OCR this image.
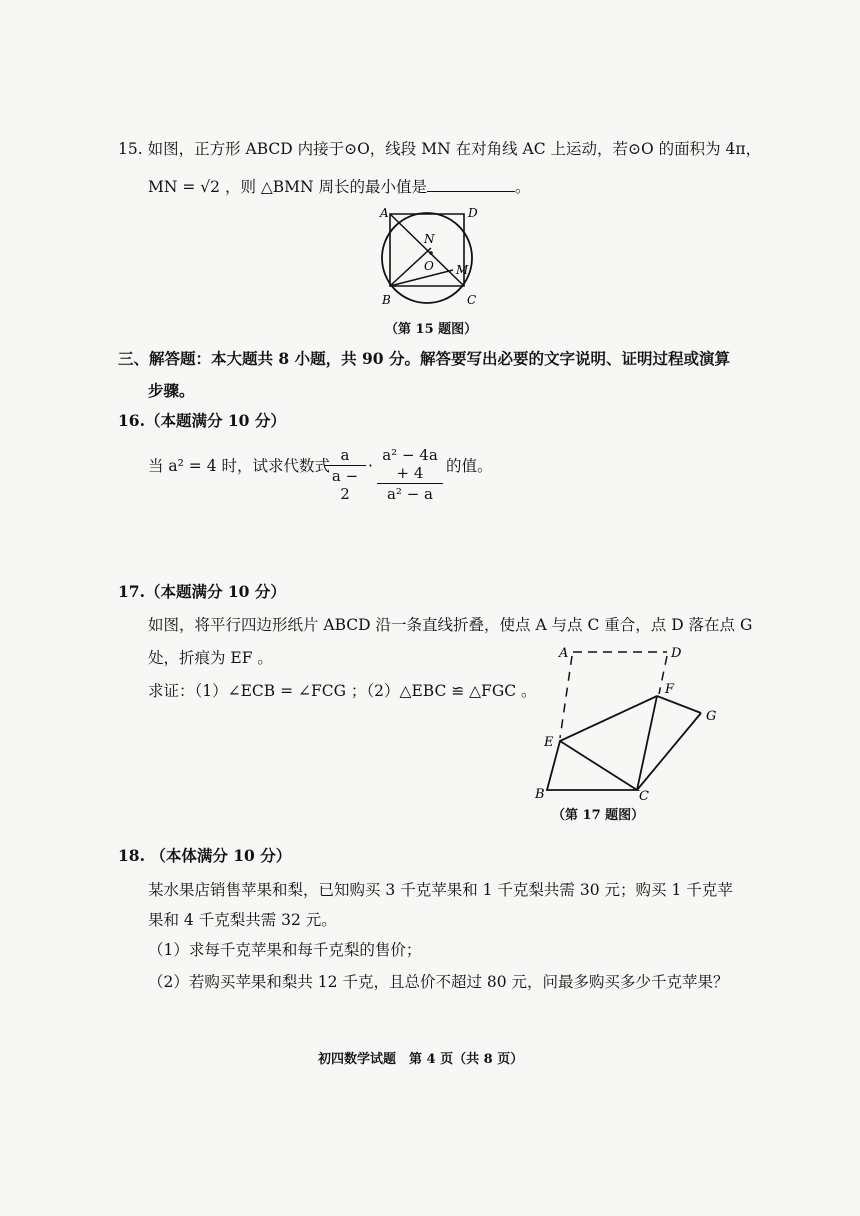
15. 如图，正方形 ABCD 内接于⊙O，线段 MN 在对角线 AC 上运动，若⊙O 的面积为 4π，
MN = √2 ，则 △BMN 周长的最小值是	。
A	D
B	C
N
O M
（第 15 题图）
三、解答题：本大题共 8 小题，共 90 分。解答要写出必要的文字说明、证明过程或演算
步骤。
16.（本题满分 10 分）
当 a² = 4 时，试求代数式
a
a − 2
·
a² − 4a + 4
a² − a
的值。
17.（本题满分 10 分）
如图，将平行四边形纸片 ABCD 沿一条直线折叠，使点 A 与点 C 重合，点 D 落在点 G
处，折痕为 EF 。
求证：（1）∠ECB = ∠FCG ；（2）△EBC ≌ △FGC 。
A	D
F
G
E
B	C
（第 17 题图）
18. （本体满分 10 分）
某水果店销售苹果和梨，已知购买 3 千克苹果和 1 千克梨共需 30 元；购买 1 千克苹
果和 4 千克梨共需 32 元。
（1）求每千克苹果和每千克梨的售价；
（2）若购买苹果和梨共 12 千克，且总价不超过 80 元，问最多购买多少千克苹果？
初四数学试题　第 4 页（共 8 页）
